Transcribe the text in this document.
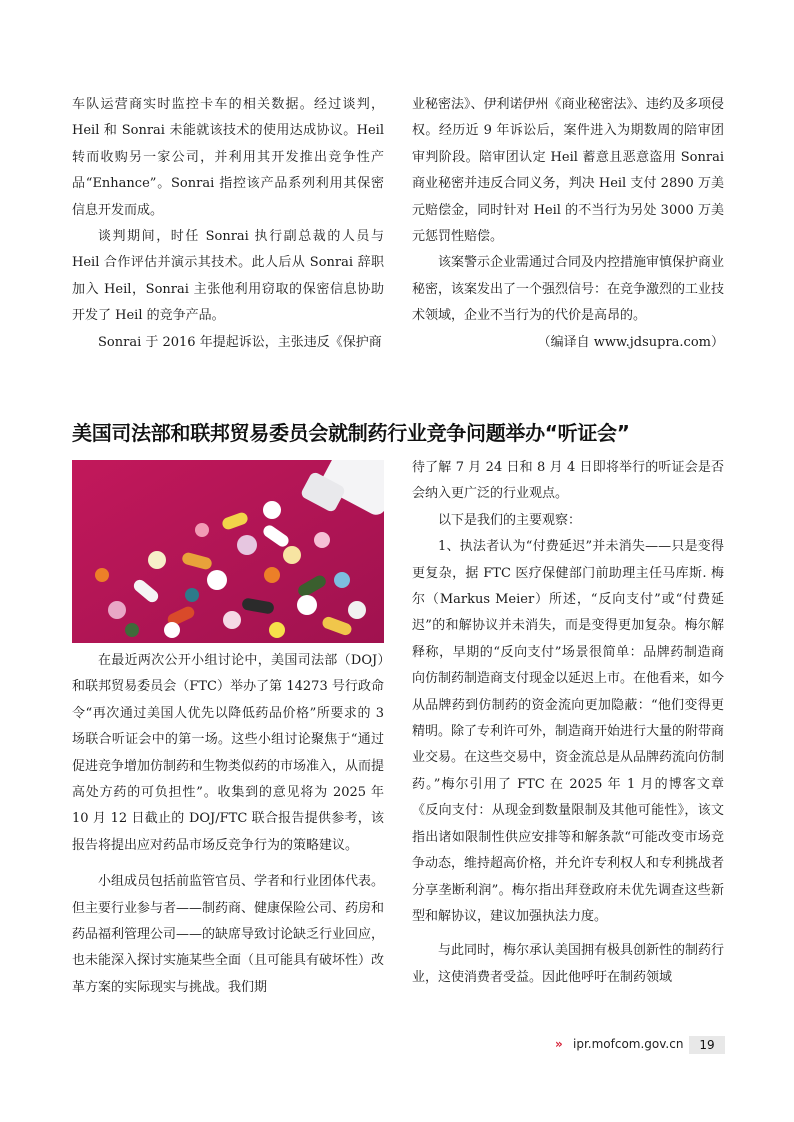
车队运营商实时监控卡车的相关数据。经过谈判，Heil 和 Sonrai 未能就该技术的使用达成协议。Heil 转而收购另一家公司，并利用其开发推出竞争性产品“Enhance”。Sonrai 指控该产品系列利用其保密信息开发而成。

谈判期间，时任 Sonrai 执行副总裁的人员与 Heil 合作评估并演示其技术。此人后从 Sonrai 辞职加入 Heil，Sonrai 主张他利用窃取的保密信息协助开发了 Heil 的竞争产品。

Sonrai 于 2016 年提起诉讼，主张违反《保护商

业秘密法》、伊利诺伊州《商业秘密法》、违约及多项侵权。经历近 9 年诉讼后，案件进入为期数周的陪审团审判阶段。陪审团认定 Heil 蓄意且恶意盗用 Sonrai 商业秘密并违反合同义务，判决 Heil 支付 2890 万美元赔偿金，同时针对 Heil 的不当行为另处 3000 万美元惩罚性赔偿。

该案警示企业需通过合同及内控措施审慎保护商业秘密，该案发出了一个强烈信号：在竞争激烈的工业技术领域，企业不当行为的代价是高昂的。

（编译自 www.jdsupra.com）

美国司法部和联邦贸易委员会就制药行业竞争问题举办“听证会”

在最近两次公开小组讨论中，美国司法部（DOJ）和联邦贸易委员会（FTC）举办了第 14273 号行政命令“再次通过美国人优先以降低药品价格”所要求的 3 场联合听证会中的第一场。这些小组讨论聚焦于“通过促进竞争增加仿制药和生物类似药的市场准入，从而提高处方药的可负担性”。收集到的意见将为 2025 年 10 月 12 日截止的 DOJ/FTC 联合报告提供参考，该报告将提出应对药品市场反竞争行为的策略建议。

小组成员包括前监管官员、学者和行业团体代表。但主要行业参与者——制药商、健康保险公司、药房和药品福利管理公司——的缺席导致讨论缺乏行业回应，也未能深入探讨实施某些全面（且可能具有破坏性）改革方案的实际现实与挑战。我们期

待了解 7 月 24 日和 8 月 4 日即将举行的听证会是否会纳入更广泛的行业观点。

以下是我们的主要观察：

1、执法者认为“付费延迟”并未消失——只是变得更复杂，据 FTC 医疗保健部门前助理主任马库斯. 梅尔（Markus Meier）所述，“反向支付”或“付费延迟”的和解协议并未消失，而是变得更加复杂。梅尔解释称，早期的“反向支付”场景很简单：品牌药制造商向仿制药制造商支付现金以延迟上市。在他看来，如今从品牌药到仿制药的资金流向更加隐蔽：“他们变得更精明。除了专利许可外，制造商开始进行大量的附带商业交易。在这些交易中，资金流总是从品牌药流向仿制药。”梅尔引用了 FTC 在 2025 年 1 月的博客文章《反向支付：从现金到数量限制及其他可能性》，该文指出诸如限制性供应安排等和解条款“可能改变市场竞争动态，维持超高价格，并允许专利权人和专利挑战者分享垄断利润”。梅尔指出拜登政府未优先调查这些新型和解协议，建议加强执法力度。

与此同时，梅尔承认美国拥有极具创新性的制药行业，这使消费者受益。因此他呼吁在制药领域

» ipr.mofcom.gov.cn	19
